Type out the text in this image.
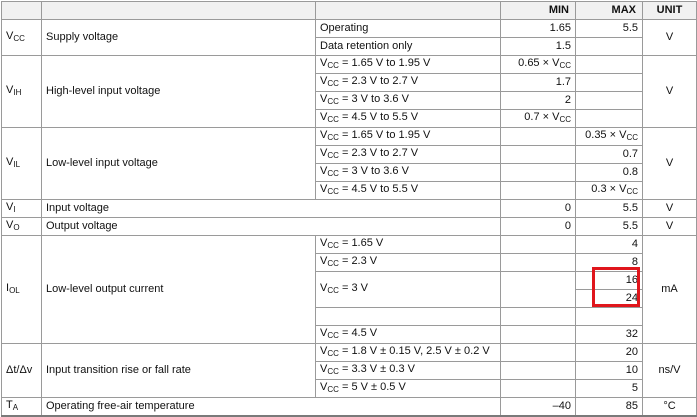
			MIN	MAX	UNIT
$V_{CC}$	Supply voltage	Operating	1.65	5.5	V
		Data retention only	1.5		
$V_{IH}$	High-level input voltage	$V_{CC} = 1.65$ V to 1.95 V	$0.65 \times V_{CC}$		V
		$V_{CC} = 2.3$ V to 2.7 V	1.7		
		$V_{CC} = 3$ V to 3.6 V	2		
		$V_{CC} = 4.5$ V to 5.5 V	$0.7 \times V_{CC}$	
$V_{IL}$	Low-level input voltage	$V_{CC} = 1.65$ V to 1.95 V		$0.35 \times V_{CC}$	V
		$V_{CC} = 2.3$ V to 2.7 V		0.7	
		$V_{CC} = 3$ V to 3.6 V		0.8	
		$V_{CC} = 4.5$ V to 5.5 V		$0.3 \times V_{CC}$
$V_I$	Input voltage		0	5.5	V
$V_O$	Output voltage		0	5.5	V
$I_{OL}$	Low-level output current	$V_{CC} = 1.65$ V		4	mA
		$V_{CC} = 2.3$ V		8	
		$V_{CC} = 3$ V		16	
				24	

		$V_{CC} = 4.5$ V		32	
Δt/Δv	Input transition rise or fall rate	$V_{CC} = 1.8$ V ± 0.15 V, 2.5 V ± 0.2 V		20	ns/V
		$V_{CC} = 3.3$ V ± 0.3 V		10	
		$V_{CC} = 5$ V ± 0.5 V		5	
$T_A$	Operating free-air temperature		–40	85	°C
